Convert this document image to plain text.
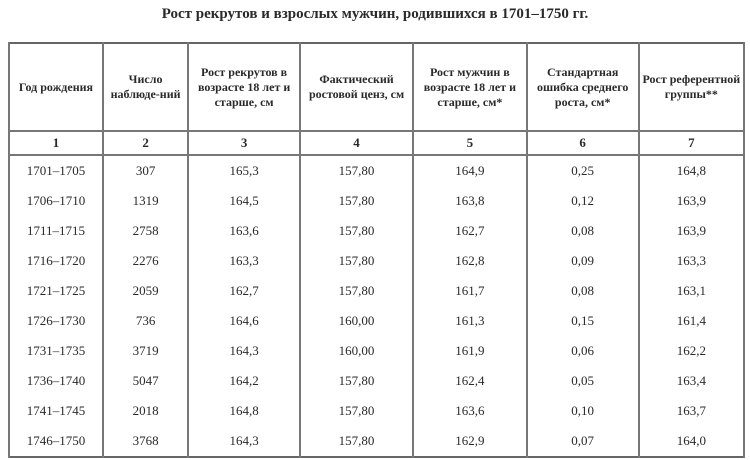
Рост рекрутов и взрослых мужчин, родившихся в 1701–1750 гг.
Год рождения	Число наблюде-ний	Рост рекрутов в возрасте 18 лет и старше, см	Фактический ростовой ценз, см	Рост мужчин в возрасте 18 лет и старше, см*	Стандартная ошибка среднего роста, см*	Рост референтной группы**
1	2	3	4	5	6	7
1701–1705	307	165,3	157,80	164,9	0,25	164,8
1706–1710	1319	164,5	157,80	163,8	0,12	163,9
1711–1715	2758	163,6	157,80	162,7	0,08	163,9
1716–1720	2276	163,3	157,80	162,8	0,09	163,3
1721–1725	2059	162,7	157,80	161,7	0,08	163,1
1726–1730	736	164,6	160,00	161,3	0,15	161,4
1731–1735	3719	164,3	160,00	161,9	0,06	162,2
1736–1740	5047	164,2	157,80	162,4	0,05	163,4
1741–1745	2018	164,8	157,80	163,6	0,10	163,7
1746–1750	3768	164,3	157,80	162,9	0,07	164,0
